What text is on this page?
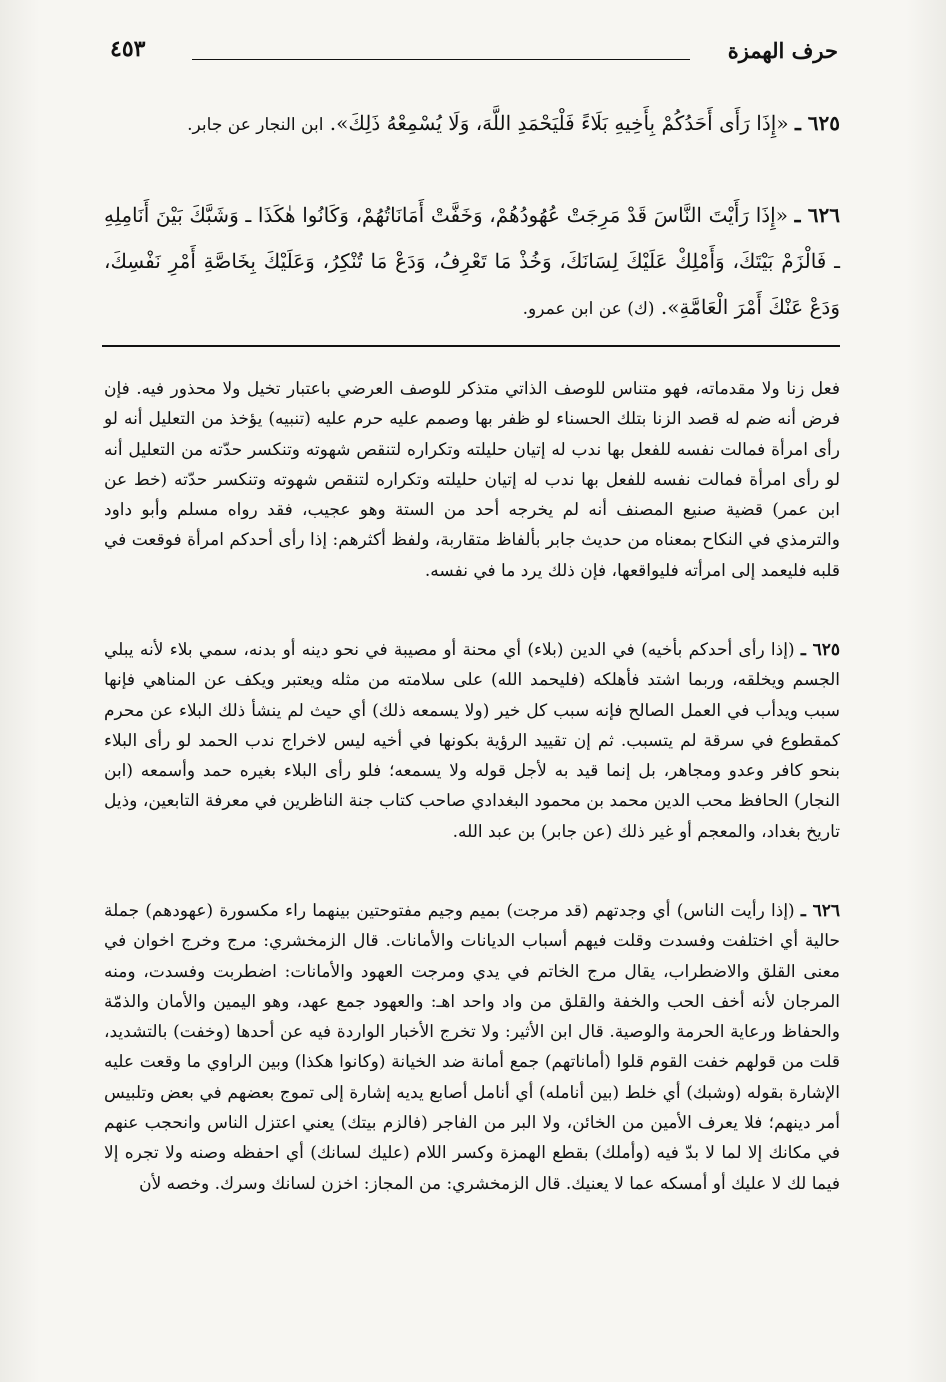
حرف الهمزة
٤٥٣
٦٢٥ ـ «إِذَا رَأَى أَحَدُكُمْ بِأَخِيهِ بَلَاءً فَلْيَحْمَدِ اللَّهَ، وَلَا يُسْمِعْهُ ذَلِكَ». ابن النجار عن جابر.
٦٢٦ ـ «إِذَا رَأَيْتَ النَّاسَ قَدْ مَرِجَتْ عُهُودُهُمْ، وَخَفَّتْ أَمَانَاتُهُمْ، وَكَانُوا هٰكَذَا ـ وَشَبَّكَ بَيْنَ أَنَامِلِهِ ـ فَالْزَمْ بَيْتَكَ، وَأَمْلِكْ عَلَيْكَ لِسَانَكَ، وَخُذْ مَا تَعْرِفُ، وَدَعْ مَا تُنْكِرُ، وَعَلَيْكَ بِخَاصَّةِ أَمْرِ نَفْسِكَ، وَدَعْ عَنْكَ أَمْرَ الْعَامَّةِ». (ك) عن ابن عمرو.
فعل زنا ولا مقدماته، فهو متناس للوصف الذاتي متذكر للوصف العرضي باعتبار تخيل ولا محذور فيه. فإن فرض أنه ضم له قصد الزنا بتلك الحسناء لو ظفر بها وصمم عليه حرم عليه (تنبيه) يؤخذ من التعليل أنه لو رأى امرأة فمالت نفسه للفعل بها ندب له إتيان حليلته وتكراره لتنقص شهوته وتنكسر حدّته من التعليل أنه لو رأى امرأة فمالت نفسه للفعل بها ندب له إتيان حليلته وتكراره لتنقص شهوته وتنكسر حدّته (خط عن ابن عمر) قضية صنيع المصنف أنه لم يخرجه أحد من الستة وهو عجيب، فقد رواه مسلم وأبو داود والترمذي في النكاح بمعناه من حديث جابر بألفاظ متقاربة، ولفظ أكثرهم: إذا رأى أحدكم امرأة فوقعت في قلبه فليعمد إلى امرأته فليواقعها، فإن ذلك يرد ما في نفسه.
٦٢٥ ـ (إذا رأى أحدكم بأخيه) في الدين (بلاء) أي محنة أو مصيبة في نحو دينه أو بدنه، سمي بلاء لأنه يبلي الجسم ويخلقه، وربما اشتد فأهلكه (فليحمد الله) على سلامته من مثله ويعتبر ويكف عن المناهي فإنها سبب ويدأب في العمل الصالح فإنه سبب كل خير (ولا يسمعه ذلك) أي حيث لم ينشأ ذلك البلاء عن محرم كمقطوع في سرقة لم يتسبب. ثم إن تقييد الرؤية بكونها في أخيه ليس لاخراج ندب الحمد لو رأى البلاء بنحو كافر وعدو ومجاهر، بل إنما قيد به لأجل قوله ولا يسمعه؛ فلو رأى البلاء بغيره حمد وأسمعه (ابن النجار) الحافظ محب الدين محمد بن محمود البغدادي صاحب كتاب جنة الناظرين في معرفة التابعين، وذيل تاريخ بغداد، والمعجم أو غير ذلك (عن جابر) بن عبد الله.
٦٢٦ ـ (إذا رأيت الناس) أي وجدتهم (قد مرجت) بميم وجيم مفتوحتين بينهما راء مكسورة (عهودهم) جملة حالية أي اختلفت وفسدت وقلت فيهم أسباب الديانات والأمانات. قال الزمخشري: مرج وخرج اخوان في معنى القلق والاضطراب، يقال مرج الخاتم في يدي ومرجت العهود والأمانات: اضطربت وفسدت، ومنه المرجان لأنه أخف الحب والخفة والقلق من واد واحد اهـ: والعهود جمع عهد، وهو اليمين والأمان والذمّة والحفاظ ورعاية الحرمة والوصية. قال ابن الأثير: ولا تخرج الأخبار الواردة فيه عن أحدها (وخفت) بالتشديد، قلت من قولهم خفت القوم قلوا (أماناتهم) جمع أمانة ضد الخيانة (وكانوا هكذا) وبين الراوي ما وقعت عليه الإشارة بقوله (وشبك) أي خلط (بين أنامله) أي أنامل أصابع يديه إشارة إلى تموج بعضهم في بعض وتلبيس أمر دينهم؛ فلا يعرف الأمين من الخائن، ولا البر من الفاجر (فالزم بيتك) يعني اعتزل الناس وانحجب عنهم في مكانك إلا لما لا بدّ فيه (وأملك) بقطع الهمزة وكسر اللام (عليك لسانك) أي احفظه وصنه ولا تجره إلا فيما لك لا عليك أو أمسكه عما لا يعنيك. قال الزمخشري: من المجاز: اخزن لسانك وسرك. وخصه لأن
